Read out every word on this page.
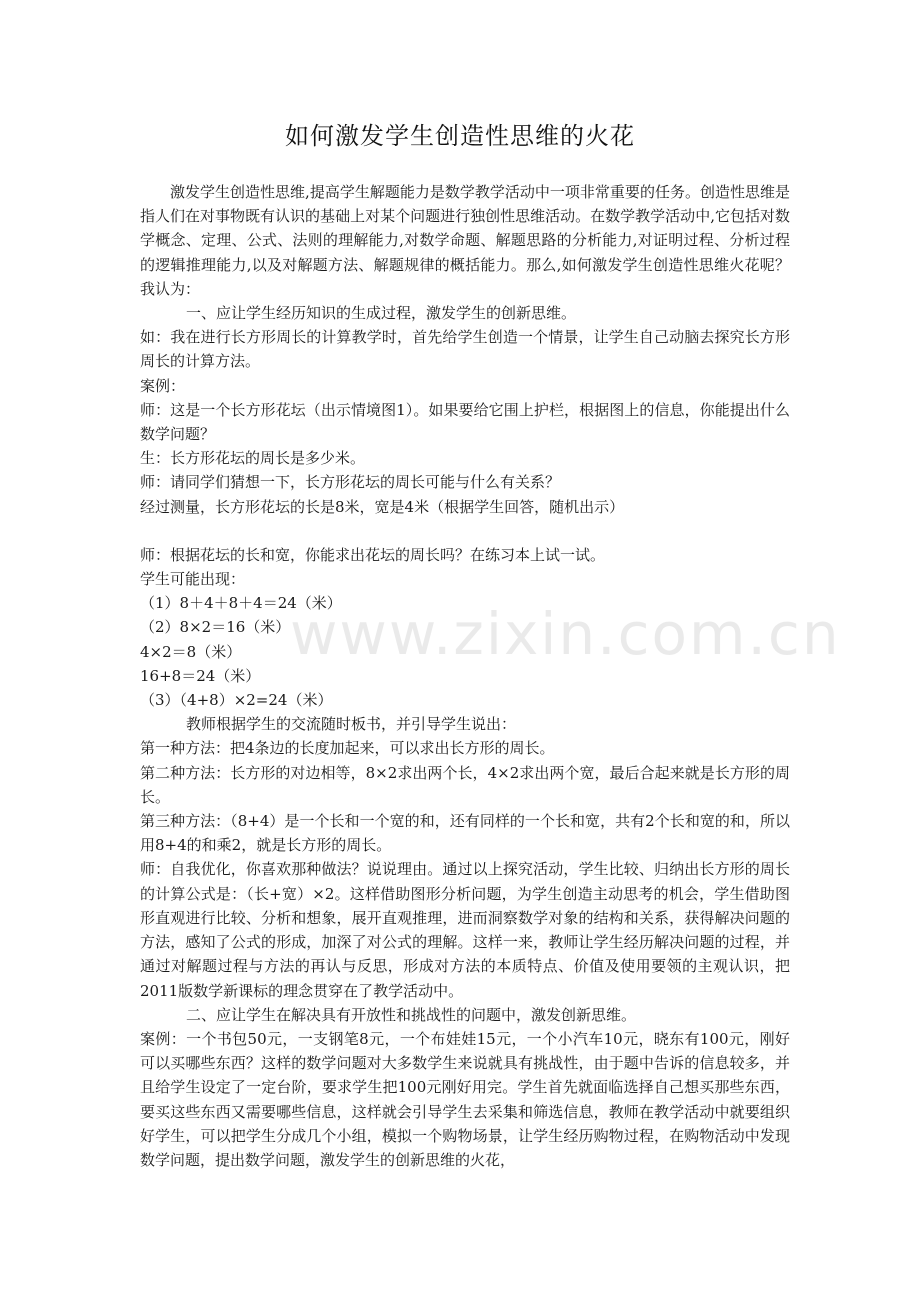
如何激发学生创造性思维的火花

激发学生创造性思维,提高学生解题能力是数学教学活动中一项非常重要的任务。创造性思维是指人们在对事物既有认识的基础上对某个问题进行独创性思维活动。在数学教学活动中,它包括对数学概念、定理、公式、法则的理解能力,对数学命题、解题思路的分析能力,对证明过程、分析过程的逻辑推理能力,以及对解题方法、解题规律的概括能力。那么,如何激发学生创造性思维火花呢？我认为：

一、应让学生经历知识的生成过程，激发学生的创新思维。

如：我在进行长方形周长的计算教学时，首先给学生创造一个情景，让学生自己动脑去探究长方形周长的计算方法。

案例：

师：这是一个长方形花坛（出示情境图1）。如果要给它围上护栏，根据图上的信息，你能提出什么数学问题？

生：长方形花坛的周长是多少米。

师：请同学们猜想一下，长方形花坛的周长可能与什么有关系？

经过测量，长方形花坛的长是8米，宽是4米（根据学生回答，随机出示）

师：根据花坛的长和宽，你能求出花坛的周长吗？在练习本上试一试。

学生可能出现：

（1）8＋4＋8＋4＝24（米）

（2）8×2＝16（米）

4×2＝8（米）

16+8＝24（米）

（3）（4+8）×2=24（米）

教师根据学生的交流随时板书，并引导学生说出：

第一种方法：把4条边的长度加起来，可以求出长方形的周长。

第二种方法：长方形的对边相等，8×2求出两个长，4×2求出两个宽，最后合起来就是长方形的周长。

第三种方法：（8+4）是一个长和一个宽的和，还有同样的一个长和宽，共有2个长和宽的和，所以用8+4的和乘2，就是长方形的周长。

师：自我优化，你喜欢那种做法？说说理由。通过以上探究活动，学生比较、归纳出长方形的周长的计算公式是：（长+宽）×2。这样借助图形分析问题，为学生创造主动思考的机会，学生借助图形直观进行比较、分析和想象，展开直观推理，进而洞察数学对象的结构和关系，获得解决问题的方法，感知了公式的形成，加深了对公式的理解。这样一来，教师让学生经历解决问题的过程，并通过对解题过程与方法的再认与反思，形成对方法的本质特点、价值及使用要领的主观认识，把2011版数学新课标的理念贯穿在了教学活动中。

二、应让学生在解决具有开放性和挑战性的问题中，激发创新思维。

案例：一个书包50元，一支钢笔8元，一个布娃娃15元，一个小汽车10元，晓东有100元，刚好可以买哪些东西？这样的数学问题对大多数学生来说就具有挑战性，由于题中告诉的信息较多，并且给学生设定了一定台阶，要求学生把100元刚好用完。学生首先就面临选择自己想买那些东西，要买这些东西又需要哪些信息，这样就会引导学生去采集和筛选信息，教师在教学活动中就要组织好学生，可以把学生分成几个小组，模拟一个购物场景，让学生经历购物过程，在购物活动中发现数学问题，提出数学问题，激发学生的创新思维的火花，

www.zixin.com.cn
